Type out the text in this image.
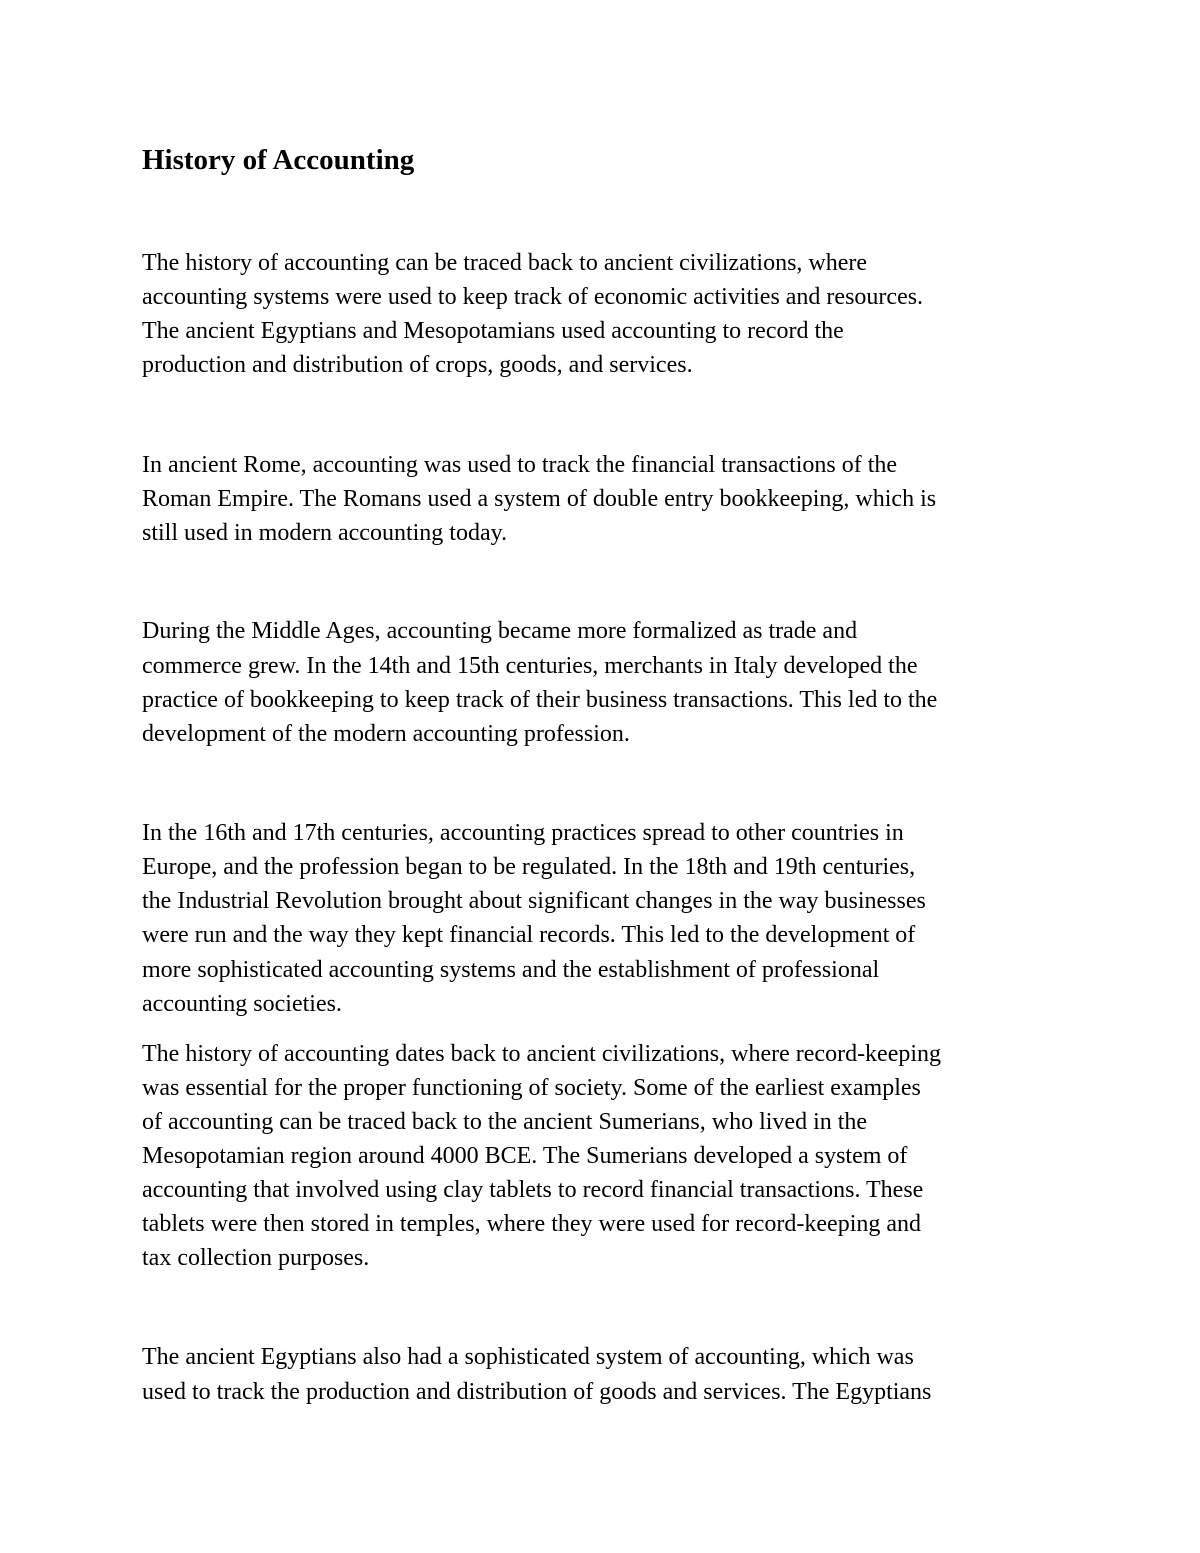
History of Accounting

The history of accounting can be traced back to ancient civilizations, where

accounting systems were used to keep track of economic activities and resources.

The ancient Egyptians and Mesopotamians used accounting to record the

production and distribution of crops, goods, and services.

In ancient Rome, accounting was used to track the financial transactions of the

Roman Empire. The Romans used a system of double entry bookkeeping, which is

still used in modern accounting today.

During the Middle Ages, accounting became more formalized as trade and

commerce grew. In the 14th and 15th centuries, merchants in Italy developed the

practice of bookkeeping to keep track of their business transactions. This led to the

development of the modern accounting profession.

In the 16th and 17th centuries, accounting practices spread to other countries in

Europe, and the profession began to be regulated. In the 18th and 19th centuries,

the Industrial Revolution brought about significant changes in the way businesses

were run and the way they kept financial records. This led to the development of

more sophisticated accounting systems and the establishment of professional

accounting societies.

The history of accounting dates back to ancient civilizations, where record-keeping

was essential for the proper functioning of society. Some of the earliest examples

of accounting can be traced back to the ancient Sumerians, who lived in the

Mesopotamian region around 4000 BCE. The Sumerians developed a system of

accounting that involved using clay tablets to record financial transactions. These

tablets were then stored in temples, where they were used for record-keeping and

tax collection purposes.

The ancient Egyptians also had a sophisticated system of accounting, which was

used to track the production and distribution of goods and services. The Egyptians
